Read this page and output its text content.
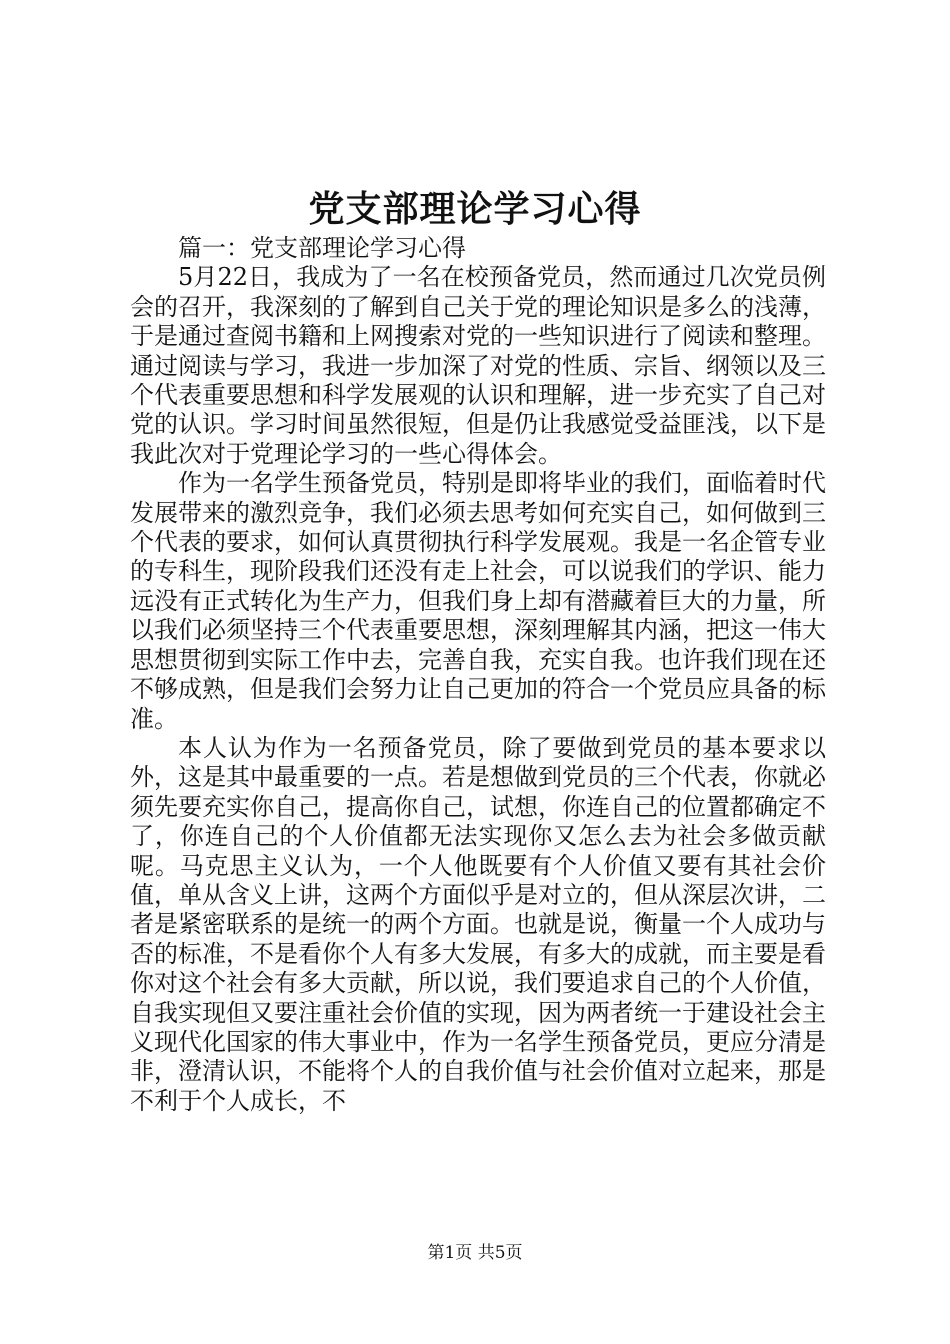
党支部理论学习心得

篇一：党支部理论学习心得

5月22日，我成为了一名在校预备党员，然而通过几次党员例会的召开，我深刻的了解到自己关于党的理论知识是多么的浅薄，于是通过查阅书籍和上网搜索对党的一些知识进行了阅读和整理。通过阅读与学习，我进一步加深了对党的性质、宗旨、纲领以及三个代表重要思想和科学发展观的认识和理解，进一步充实了自己对党的认识。学习时间虽然很短，但是仍让我感觉受益匪浅，以下是我此次对于党理论学习的一些心得体会。

作为一名学生预备党员，特别是即将毕业的我们，面临着时代发展带来的激烈竞争，我们必须去思考如何充实自己，如何做到三个代表的要求，如何认真贯彻执行科学发展观。我是一名企管专业的专科生，现阶段我们还没有走上社会，可以说我们的学识、能力远没有正式转化为生产力，但我们身上却有潜藏着巨大的力量，所以我们必须坚持三个代表重要思想，深刻理解其内涵，把这一伟大思想贯彻到实际工作中去，完善自我，充实自我。也许我们现在还不够成熟，但是我们会努力让自己更加的符合一个党员应具备的标准。

本人认为作为一名预备党员，除了要做到党员的基本要求以外，这是其中最重要的一点。若是想做到党员的三个代表，你就必须先要充实你自己，提高你自己，试想，你连自己的位置都确定不了，你连自己的个人价值都无法实现你又怎么去为社会多做贡献呢。马克思主义认为，一个人他既要有个人价值又要有其社会价值，单从含义上讲，这两个方面似乎是对立的，但从深层次讲，二者是紧密联系的是统一的两个方面。也就是说，衡量一个人成功与否的标准，不是看你个人有多大发展，有多大的成就，而主要是看你对这个社会有多大贡献，所以说，我们要追求自己的个人价值，自我实现但又要注重社会价值的实现，因为两者统一于建设社会主义现代化国家的伟大事业中，作为一名学生预备党员，更应分清是非，澄清认识，不能将个人的自我价值与社会价值对立起来，那是不利于个人成长，不

第1页 共5页
